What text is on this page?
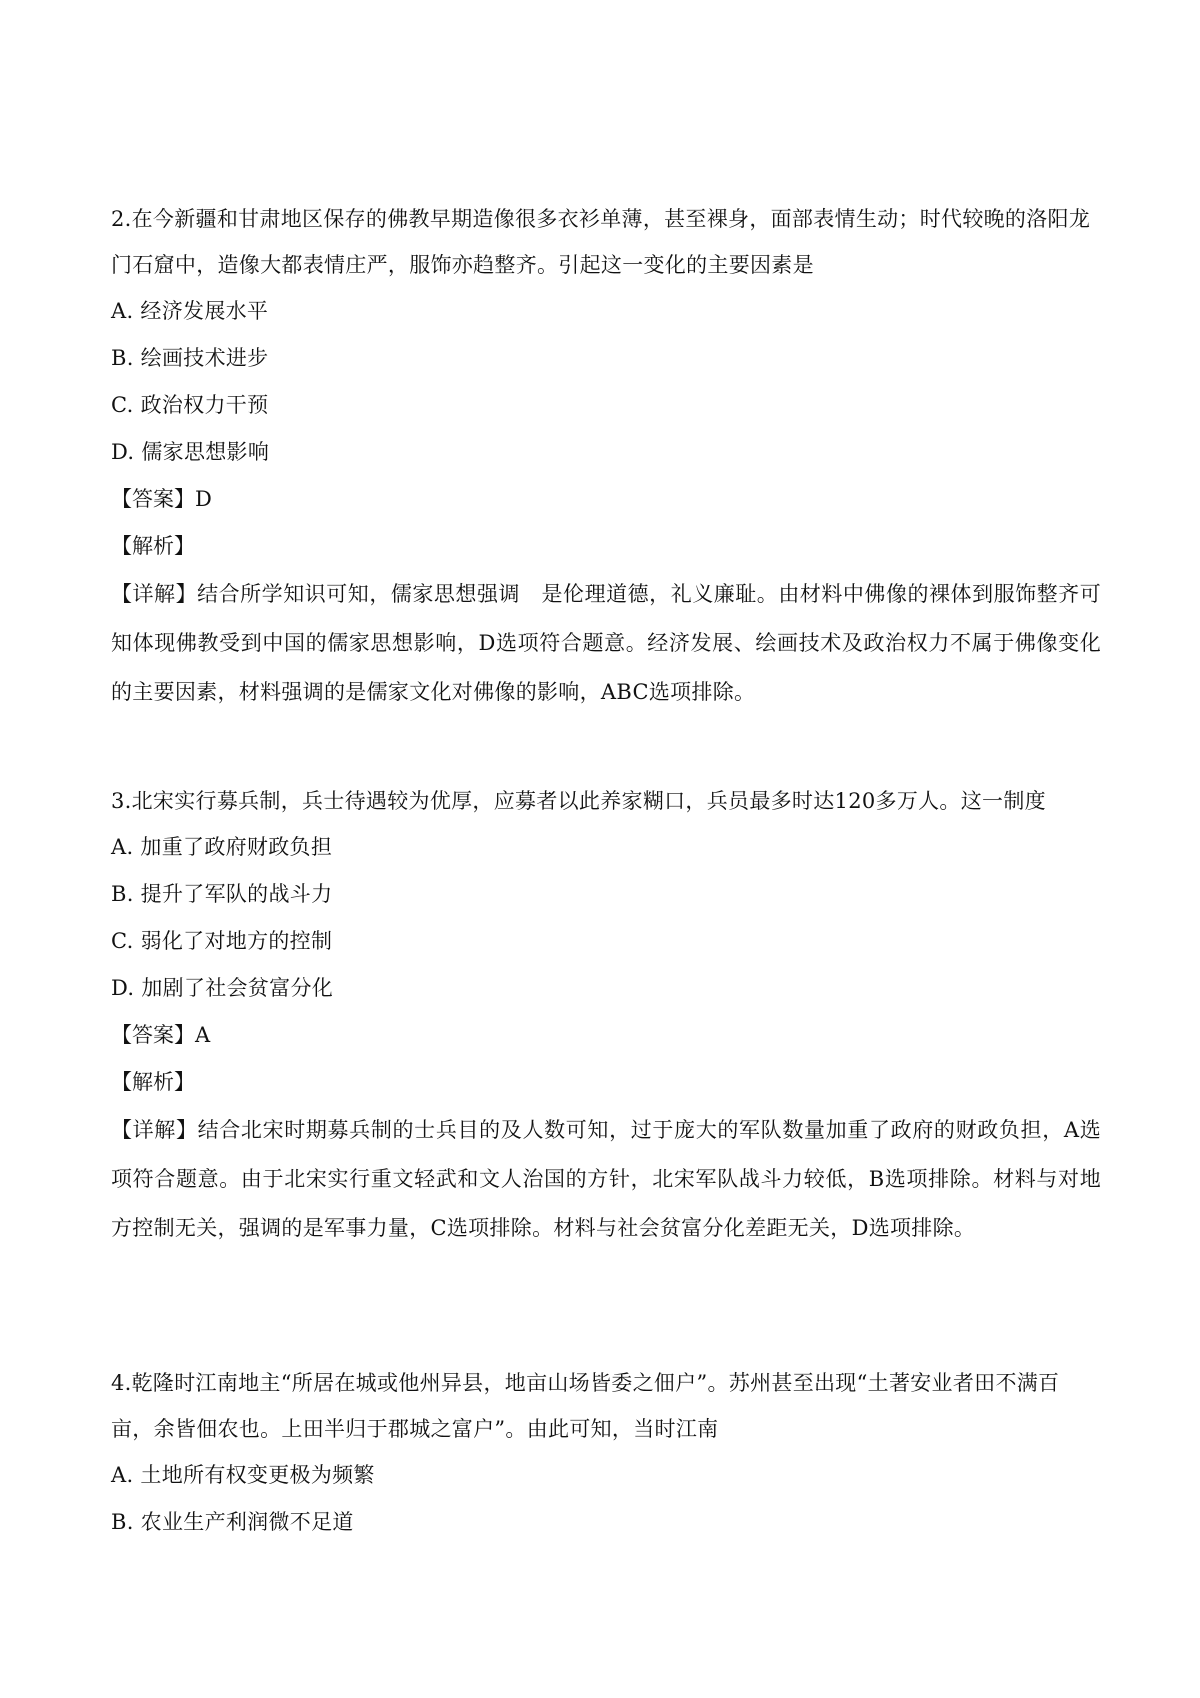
2.在今新疆和甘肃地区保存的佛教早期造像很多衣衫单薄，甚至裸身，面部表情生动；时代较晚的洛阳龙门石窟中，造像大都表情庄严，服饰亦趋整齐。引起这一变化的主要因素是

A. 经济发展水平

B. 绘画技术进步

C. 政治权力干预

D. 儒家思想影响

【答案】D

【解析】

【详解】结合所学知识可知，儒家思想强调　是伦理道德，礼义廉耻。由材料中佛像的裸体到服饰整齐可知体现佛教受到中国的儒家思想影响，D选项符合题意。经济发展、绘画技术及政治权力不属于佛像变化的主要因素，材料强调的是儒家文化对佛像的影响，ABC选项排除。

3.北宋实行募兵制，兵士待遇较为优厚，应募者以此养家糊口，兵员最多时达120多万人。这一制度

A. 加重了政府财政负担

B. 提升了军队的战斗力

C. 弱化了对地方的控制

D. 加剧了社会贫富分化

【答案】A

【解析】

【详解】结合北宋时期募兵制的士兵目的及人数可知，过于庞大的军队数量加重了政府的财政负担，A选项符合题意。由于北宋实行重文轻武和文人治国的方针，北宋军队战斗力较低，B选项排除。材料与对地方控制无关，强调的是军事力量，C选项排除。材料与社会贫富分化差距无关，D选项排除。

4.乾隆时江南地主“所居在城或他州异县，地亩山场皆委之佃户”。苏州甚至出现“土著安业者田不满百亩，余皆佃农也。上田半归于郡城之富户”。由此可知，当时江南

A. 土地所有权变更极为频繁

B. 农业生产利润微不足道
